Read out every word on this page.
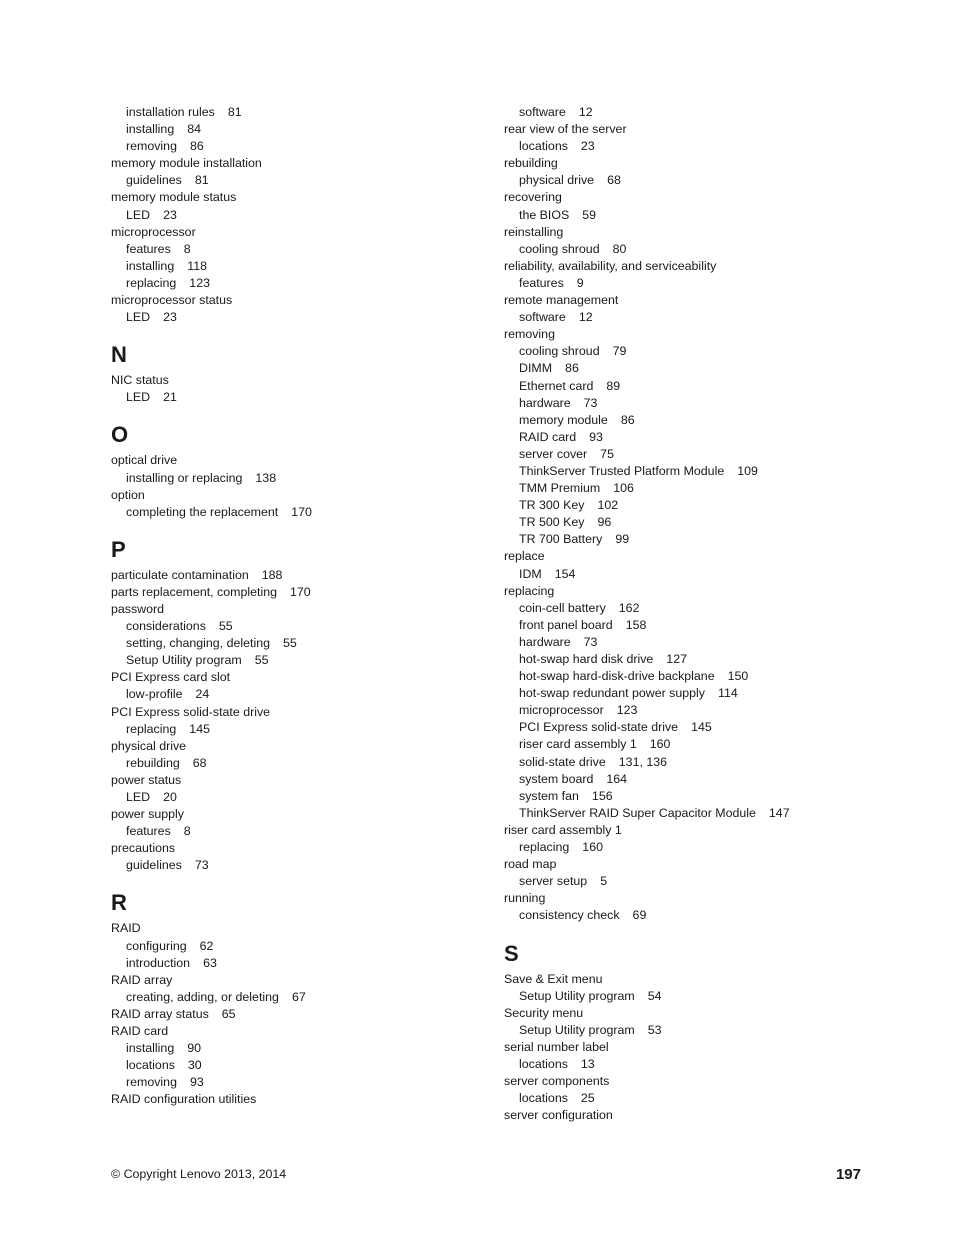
installation rules 81
installing 84
removing 86
memory module installation
guidelines 81
memory module status
LED 23
microprocessor
features 8
installing 118
replacing 123
microprocessor status
LED 23
N
NIC status
LED 21
O
optical drive
installing or replacing 138
option
completing the replacement 170
P
particulate contamination 188
parts replacement, completing 170
password
considerations 55
setting, changing, deleting 55
Setup Utility program 55
PCI Express card slot
low-profile 24
PCI Express solid-state drive
replacing 145
physical drive
rebuilding 68
power status
LED 20
power supply
features 8
precautions
guidelines 73
R
RAID
configuring 62
introduction 63
RAID array
creating, adding, or deleting 67
RAID array status 65
RAID card
installing 90
locations 30
removing 93
RAID configuration utilities
software 12
rear view of the server
locations 23
rebuilding
physical drive 68
recovering
the BIOS 59
reinstalling
cooling shroud 80
reliability, availability, and serviceability
features 9
remote management
software 12
removing
cooling shroud 79
DIMM 86
Ethernet card 89
hardware 73
memory module 86
RAID card 93
server cover 75
ThinkServer Trusted Platform Module 109
TMM Premium 106
TR 300 Key 102
TR 500 Key 96
TR 700 Battery 99
replace
IDM 154
replacing
coin-cell battery 162
front panel board 158
hardware 73
hot-swap hard disk drive 127
hot-swap hard-disk-drive backplane 150
hot-swap redundant power supply 114
microprocessor 123
PCI Express solid-state drive 145
riser card assembly 1 160
solid-state drive 131, 136
system board 164
system fan 156
ThinkServer RAID Super Capacitor Module 147
riser card assembly 1
replacing 160
road map
server setup 5
running
consistency check 69
S
Save & Exit menu
Setup Utility program 54
Security menu
Setup Utility program 53
serial number label
locations 13
server components
locations 25
server configuration
© Copyright Lenovo 2013, 2014	197
